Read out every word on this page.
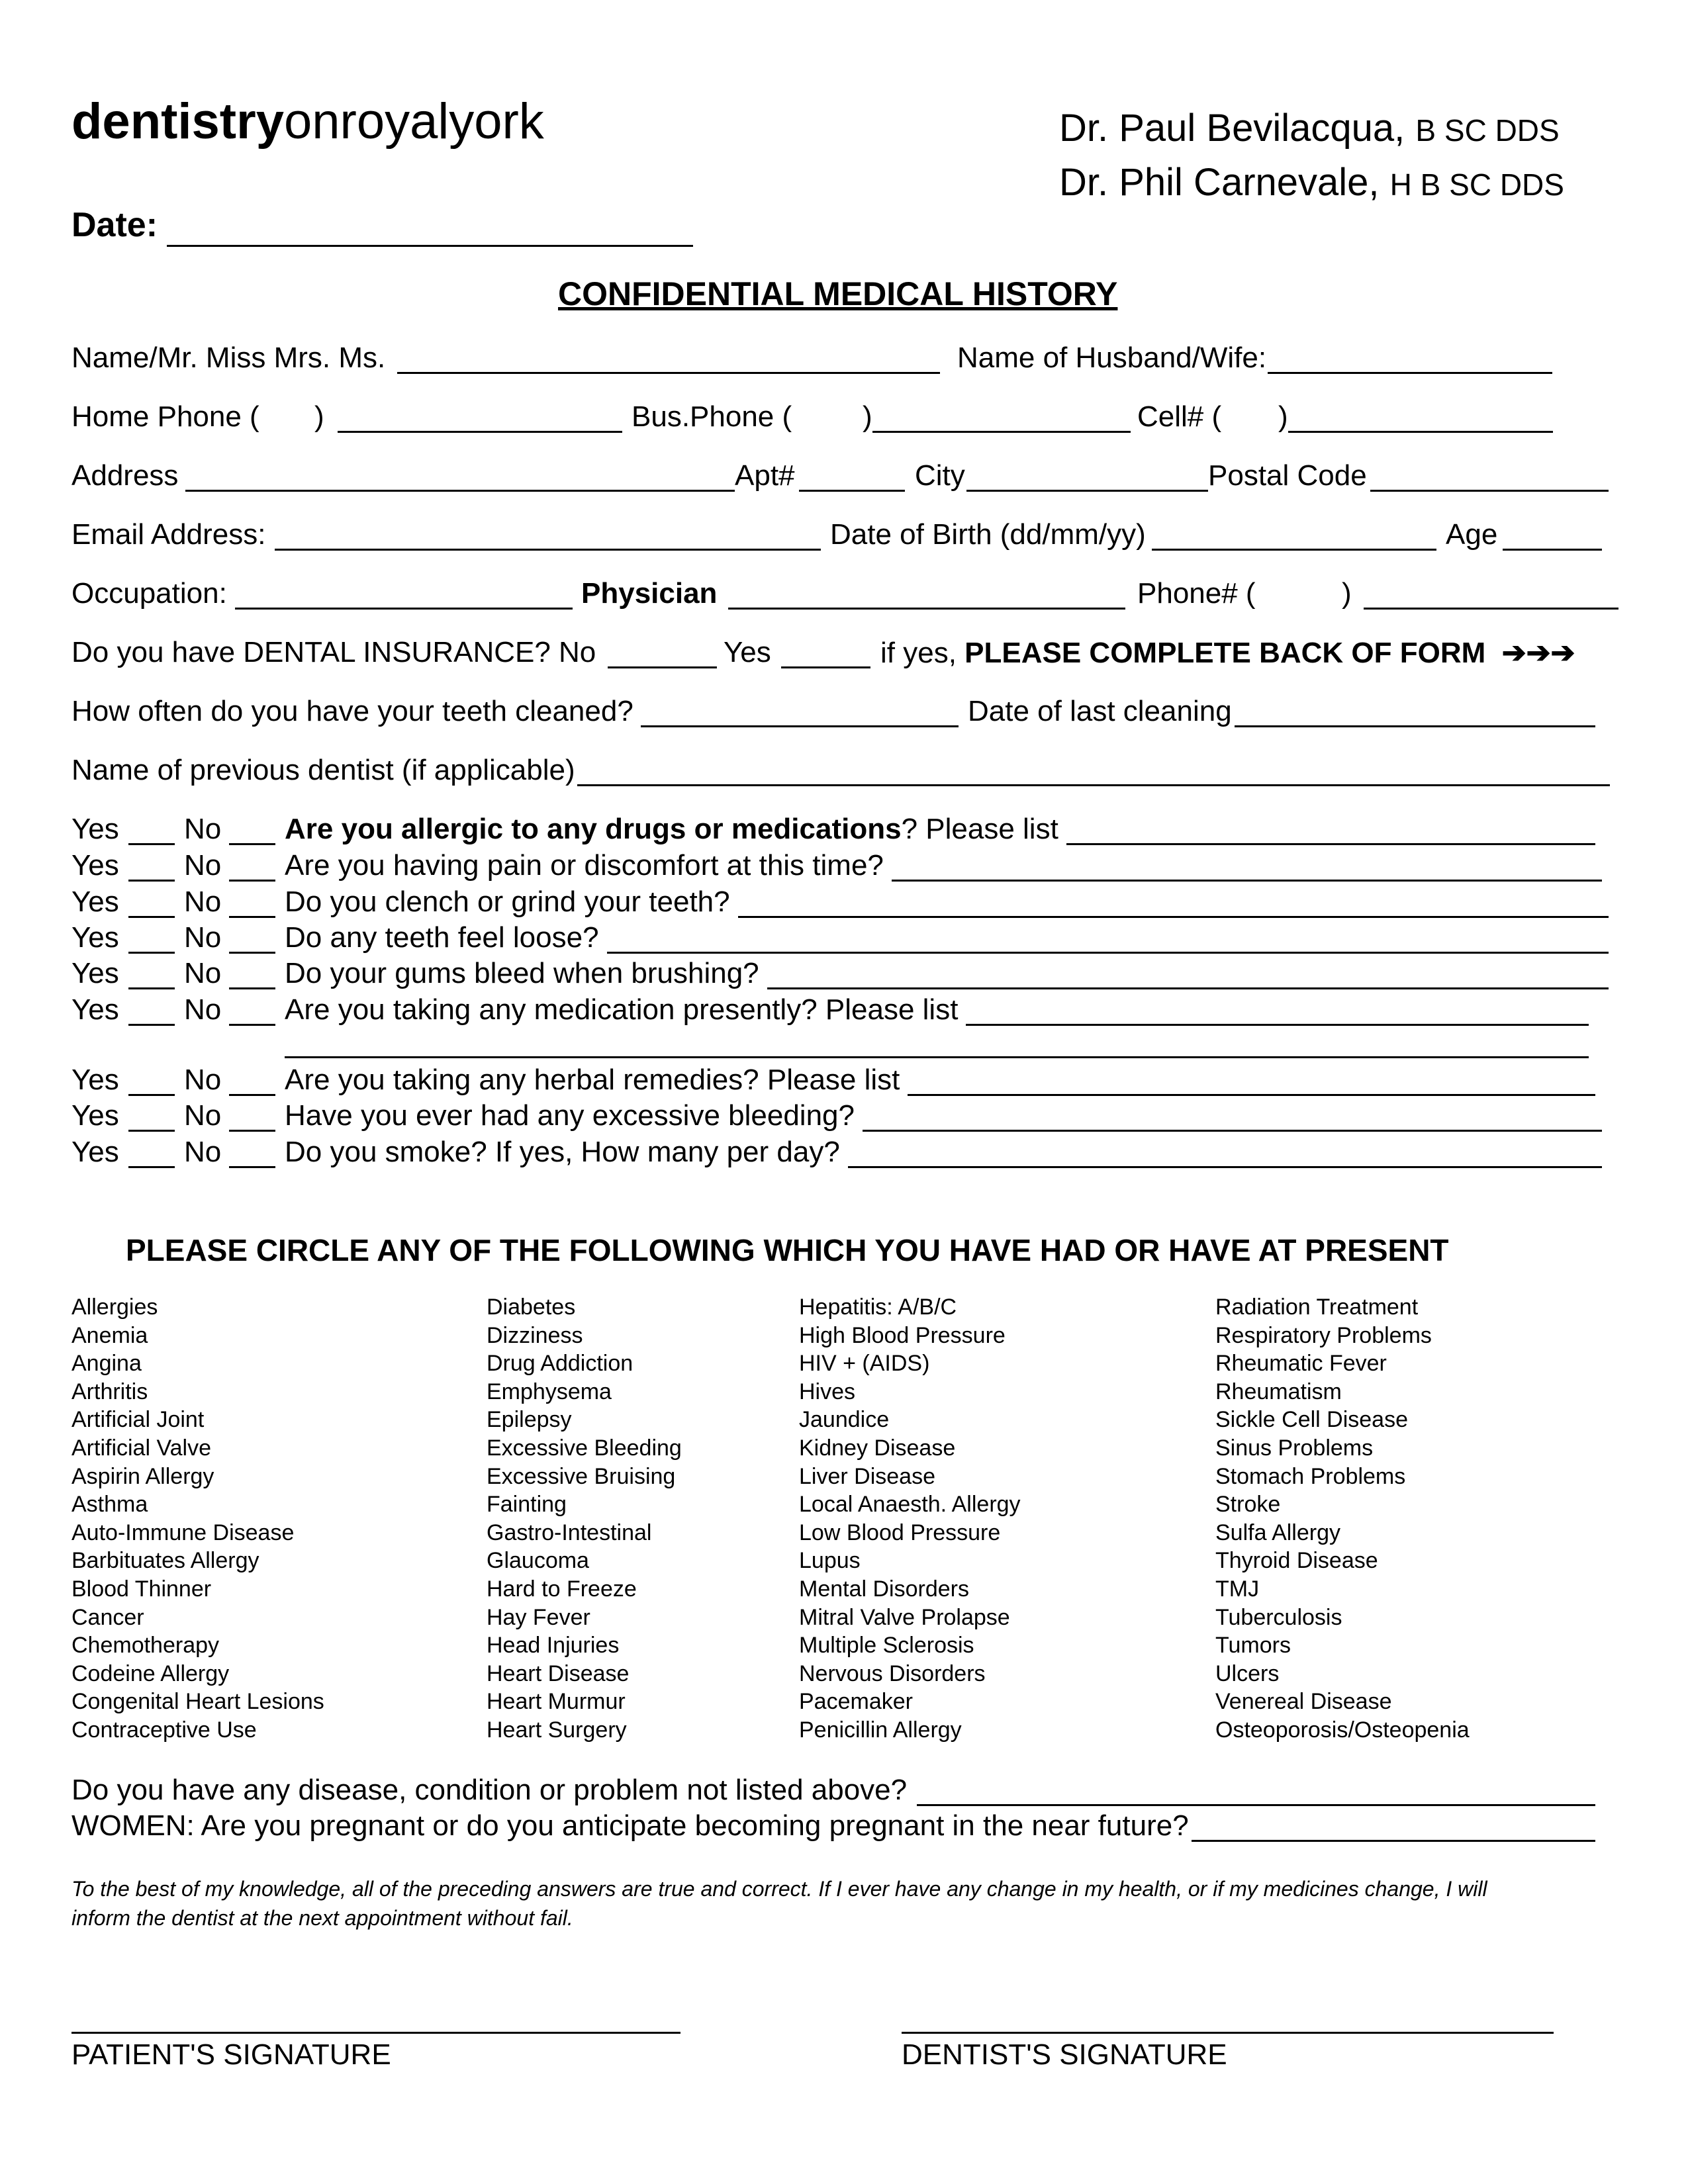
dentistryonroyalyork	Dr. Paul Bevilacqua, B SC DDS
Dr. Phil Carnevale, H B SC DDS
Date:
CONFIDENTIAL MEDICAL HISTORY
Name/Mr. Miss Mrs. Ms.	Name of Husband/Wife:
Home Phone ( )	Bus.Phone ( )	Cell# ( )
Address	Apt#	City	Postal Code
Email Address:	Date of Birth (dd/mm/yy)	Age
Occupation:	Physician	Phone# (	)
Do you have DENTAL INSURANCE? No	Yes	if yes, PLEASE COMPLETE BACK OF FORM ➔➔➔
How often do you have your teeth cleaned?	Date of last cleaning
Name of previous dentist (if applicable)
Yes No Are you allergic to any drugs or medications? Please list
Yes No Are you having pain or discomfort at this time?
Yes No Do you clench or grind your teeth?
Yes No Do any teeth feel loose?
Yes No Do your gums bleed when brushing?
Yes No Are you taking any medication presently? Please list
Yes No Are you taking any herbal remedies? Please list
Yes No Have you ever had any excessive bleeding?
Yes No Do you smoke? If yes, How many per day?
PLEASE CIRCLE ANY OF THE FOLLOWING WHICH YOU HAVE HAD OR HAVE AT PRESENT
Allergies
Anemia
Angina
Arthritis
Artificial Joint
Artificial Valve
Aspirin Allergy
Asthma
Auto-Immune Disease
Barbituates Allergy
Blood Thinner
Cancer
Chemotherapy
Codeine Allergy
Congenital Heart Lesions
Contraceptive Use
Diabetes
Dizziness
Drug Addiction
Emphysema
Epilepsy
Excessive Bleeding
Excessive Bruising
Fainting
Gastro-Intestinal
Glaucoma
Hard to Freeze
Hay Fever
Head Injuries
Heart Disease
Heart Murmur
Heart Surgery
Hepatitis: A/B/C
High Blood Pressure
HIV + (AIDS)
Hives
Jaundice
Kidney Disease
Liver Disease
Local Anaesth. Allergy
Low Blood Pressure
Lupus
Mental Disorders
Mitral Valve Prolapse
Multiple Sclerosis
Nervous Disorders
Pacemaker
Penicillin Allergy
Radiation Treatment
Respiratory Problems
Rheumatic Fever
Rheumatism
Sickle Cell Disease
Sinus Problems
Stomach Problems
Stroke
Sulfa Allergy
Thyroid Disease
TMJ
Tuberculosis
Tumors
Ulcers
Venereal Disease
Osteoporosis/Osteopenia
Do you have any disease, condition or problem not listed above?
WOMEN: Are you pregnant or do you anticipate becoming pregnant in the near future?
To the best of my knowledge, all of the preceding answers are true and correct. If I ever have any change in my health, or if my medicines change, I will
inform the dentist at the next appointment without fail.
PATIENT'S SIGNATURE	DENTIST'S SIGNATURE
